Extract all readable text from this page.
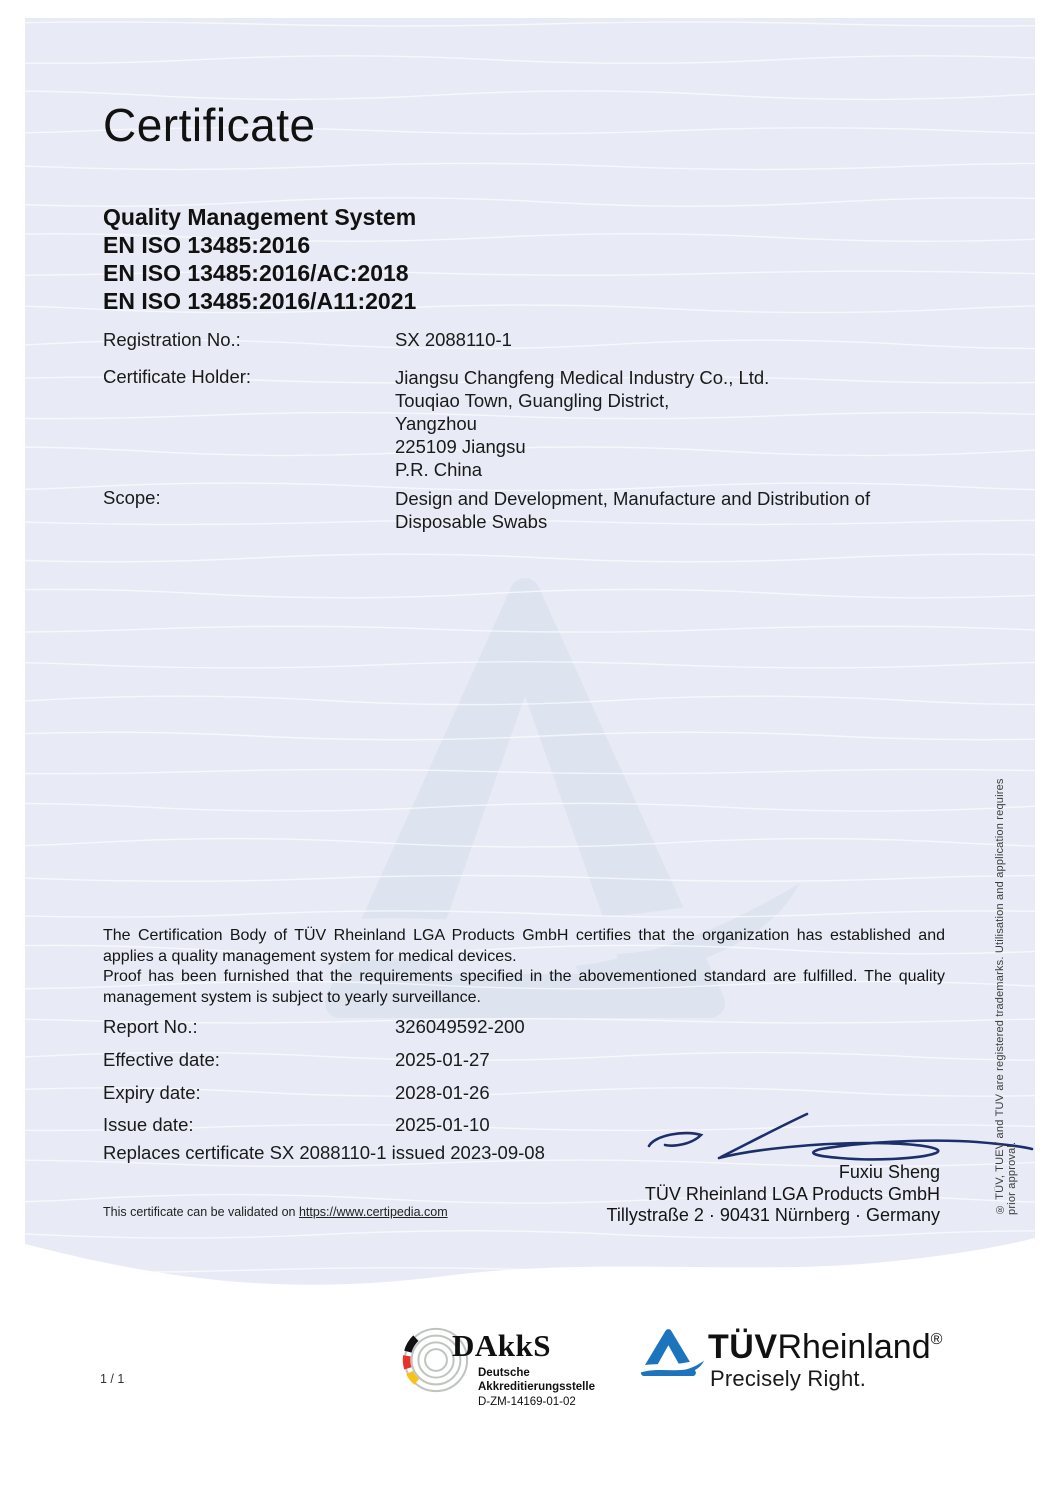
Certificate
Quality Management System
EN ISO 13485:2016
EN ISO 13485:2016/AC:2018
EN ISO 13485:2016/A11:2021
Registration No.:	SX 2088110-1
Certificate Holder:	Jiangsu Changfeng Medical Industry Co., Ltd.
Touqiao Town, Guangling District,
Yangzhou
225109 Jiangsu
P.R. China
Scope:	Design and Development, Manufacture and Distribution of Disposable Swabs

The Certification Body of TÜV Rheinland LGA Products GmbH certifies that the organization has established and applies a quality management system for medical devices.

Proof has been furnished that the requirements specified in the abovementioned standard are fulfilled. The quality management system is subject to yearly surveillance.

Report No.:	326049592-200
Effective date:	2025-01-27
Expiry date:	2028-01-26
Issue date:	2025-01-10
Replaces certificate SX 2088110-1 issued 2023-09-08
Fuxiu Sheng
TÜV Rheinland LGA Products GmbH
Tillystraße 2 · 90431 Nürnberg · Germany
This certificate can be validated on https://www.certipedia.com	® TÜV, TUEV and TUV are registered trademarks. Utilisation and application requires prior approval.
1 / 1
DAkkS
Deutsche
Akkreditierungsstelle
D-ZM-14169-01-02
TÜVRheinland®
Precisely Right.
